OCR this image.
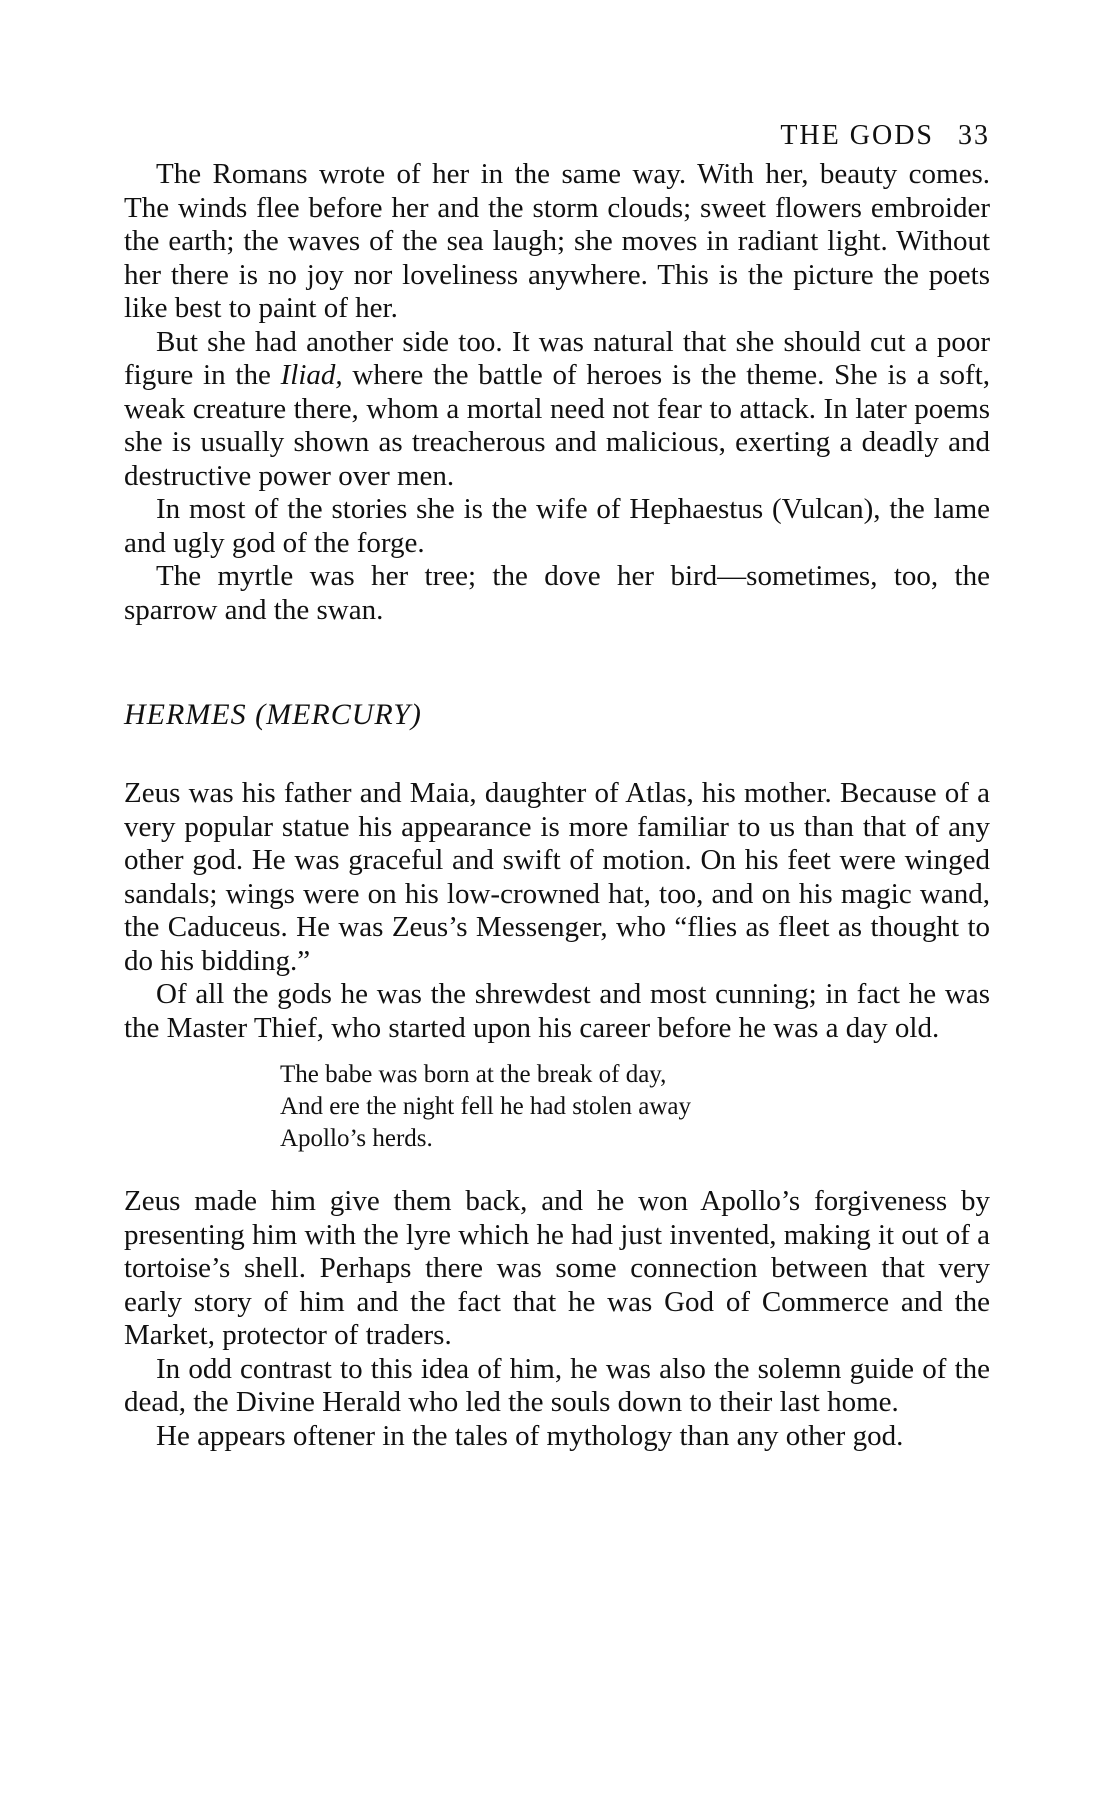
THE GODS 33

The Romans wrote of her in the same way. With her, beauty comes. The winds flee before her and the storm clouds; sweet flowers embroider the earth; the waves of the sea laugh; she moves in radiant light. Without her there is no joy nor loveliness anywhere. This is the picture the poets like best to paint of her.

But she had another side too. It was natural that she should cut a poor figure in the Iliad, where the battle of heroes is the theme. She is a soft, weak creature there, whom a mortal need not fear to attack. In later poems she is usually shown as treacherous and malicious, exerting a deadly and destructive power over men.

In most of the stories she is the wife of Hephaestus (Vulcan), the lame and ugly god of the forge.

The myrtle was her tree; the dove her bird—sometimes, too, the sparrow and the swan.

HERMES (MERCURY)

Zeus was his father and Maia, daughter of Atlas, his mother. Because of a very popular statue his appearance is more familiar to us than that of any other god. He was graceful and swift of motion. On his feet were winged sandals; wings were on his low-crowned hat, too, and on his magic wand, the Caduceus. He was Zeus’s Messenger, who “flies as fleet as thought to do his bidding.”

Of all the gods he was the shrewdest and most cunning; in fact he was the Master Thief, who started upon his career before he was a day old.

The babe was born at the break of day,
And ere the night fell he had stolen away
Apollo’s herds.

Zeus made him give them back, and he won Apollo’s forgiveness by presenting him with the lyre which he had just invented, making it out of a tortoise’s shell. Perhaps there was some connection between that very early story of him and the fact that he was God of Commerce and the Market, protector of traders.

In odd contrast to this idea of him, he was also the solemn guide of the dead, the Divine Herald who led the souls down to their last home.

He appears oftener in the tales of mythology than any other god.
